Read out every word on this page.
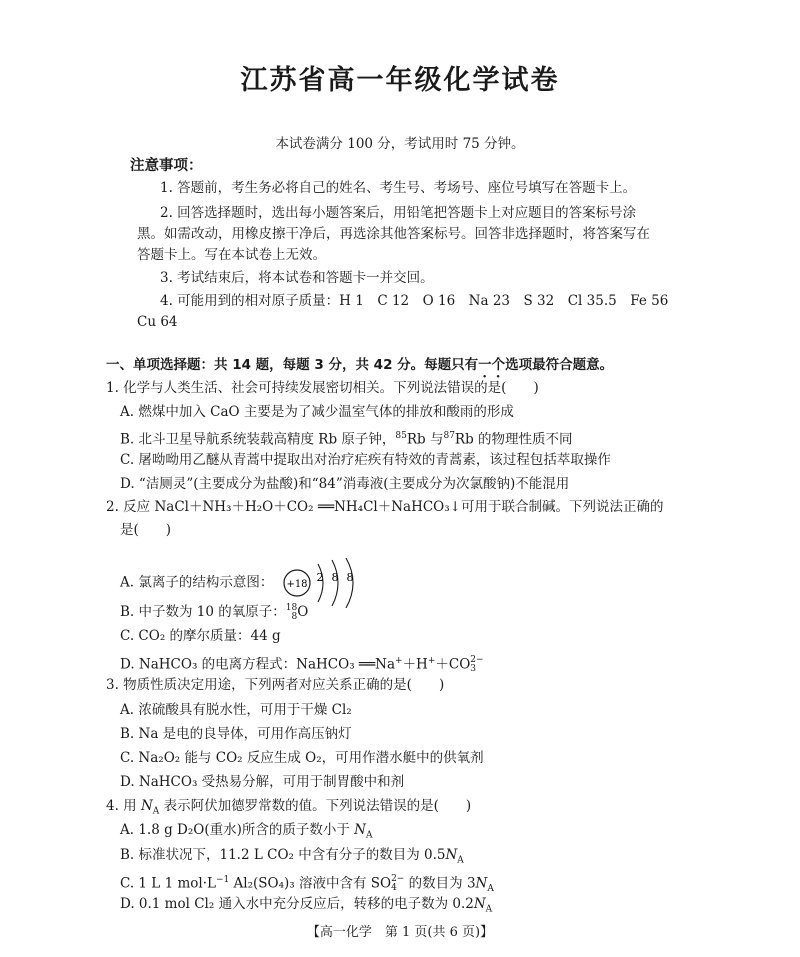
江苏省高一年级化学试卷
本试卷满分 100 分，考试用时 75 分钟。
注意事项：
1. 答题前，考生务必将自己的姓名、考生号、考场号、座位号填写在答题卡上。
2. 回答选择题时，选出每小题答案后，用铅笔把答题卡上对应题目的答案标号涂
黑。如需改动，用橡皮擦干净后，再选涂其他答案标号。回答非选择题时，将答案写在
答题卡上。写在本试卷上无效。
3. 考试结束后，将本试卷和答题卡一并交回。
4. 可能用到的相对原子质量：H 1　C 12　O 16　Na 23　S 32　Cl 35.5　Fe 56
Cu 64
一、单项选择题：共 14 题，每题 3 分，共 42 分。每题只有一个选项最符合题意。
1. 化学与人类生活、社会可持续发展密切相关。下列说法错误的是(　　)
A. 燃煤中加入 CaO 主要是为了减少温室气体的排放和酸雨的形成
B. 北斗卫星导航系统装载高精度 Rb 原子钟，$^{85}$Rb 与$^{87}$Rb 的物理性质不同
C. 屠呦呦用乙醚从青蒿中提取出对治疗疟疾有特效的青蒿素，该过程包括萃取操作
D. “洁厕灵”(主要成分为盐酸)和“84”消毒液(主要成分为次氯酸钠)不能混用
2. 反应 NaCl＋NH₃＋H₂O＋CO₂ ══NH₄Cl＋NaHCO₃↓可用于联合制碱。下列说法正确的
是(　　)
A. 氯离子的结构示意图： +18
2 8 8
B. 中子数为 10 的氧原子： 18
8 O
C. CO₂ 的摩尔质量：44 g
D. NaHCO₃ 的电离方程式：NaHCO₃ ══Na+＋H+＋CO 2−
3
3. 物质性质决定用途，下列两者对应关系正确的是(　　)
A. 浓硫酸具有脱水性，可用于干燥 Cl₂
B. Na 是电的良导体，可用作高压钠灯
C. Na₂O₂ 能与 CO₂ 反应生成 O₂，可用作潜水艇中的供氧剂
D. NaHCO₃ 受热易分解，可用于制胃酸中和剂
4. 用 $N_A$ 表示阿伏加德罗常数的值。下列说法错误的是(　　)
A. 1.8 g D₂O(重水)所含的质子数小于 $N_A$
B. 标准状况下，11.2 L CO₂ 中含有分子的数目为 $0.5N_A$
C. 1 L 1 $mol\cdot L^{-1}$ Al₂(SO₄)₃ 溶液中含有 SO 2−
4 的数目为 $3N_A$
D. 0.1 mol Cl₂ 通入水中充分反应后，转移的电子数为 $0.2N_A$
【高一化学　第 1 页(共 6 页)】
